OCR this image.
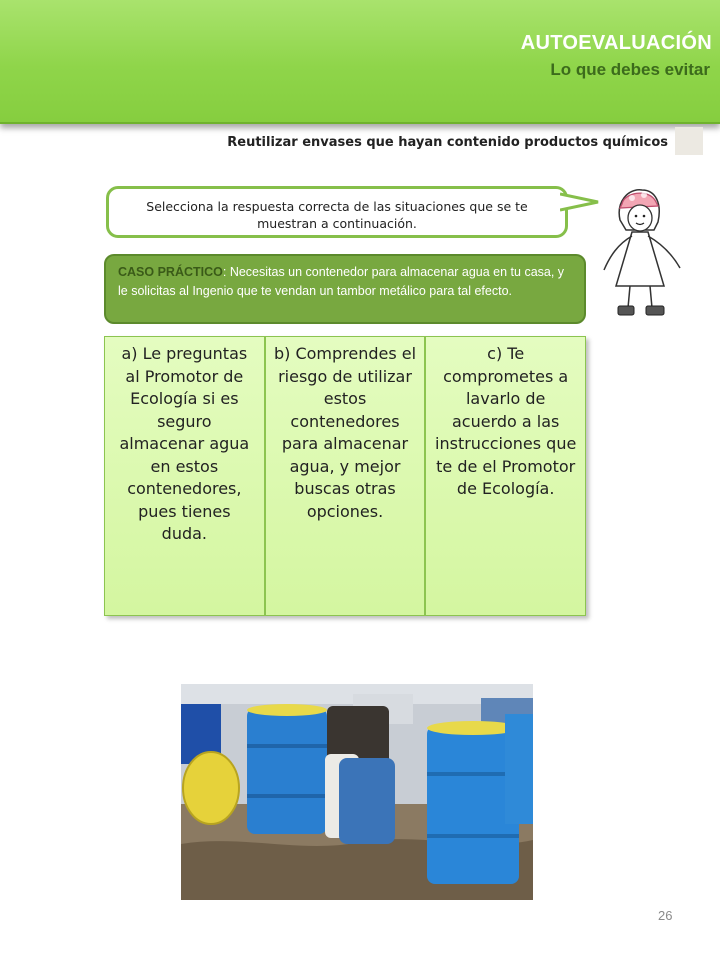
AUTOEVALUACIÓN
Lo que debes evitar
Reutilizar envases que hayan contenido productos químicos
Selecciona la respuesta correcta de las situaciones que se te muestran a continuación.
CASO PRÁCTICO: Necesitas un contenedor para almacenar agua en tu casa, y le solicitas al Ingenio que te vendan un tambor metálico para tal efecto.
a) Le preguntas al Promotor de Ecología si es seguro almacenar agua en estos contenedores, pues tienes duda.
b) Comprendes el riesgo de utilizar estos contenedores para almacenar agua, y mejor buscas otras opciones.
c) Te comprometes a lavarlo de acuerdo a las instrucciones que te de el Promotor de Ecología.
26
